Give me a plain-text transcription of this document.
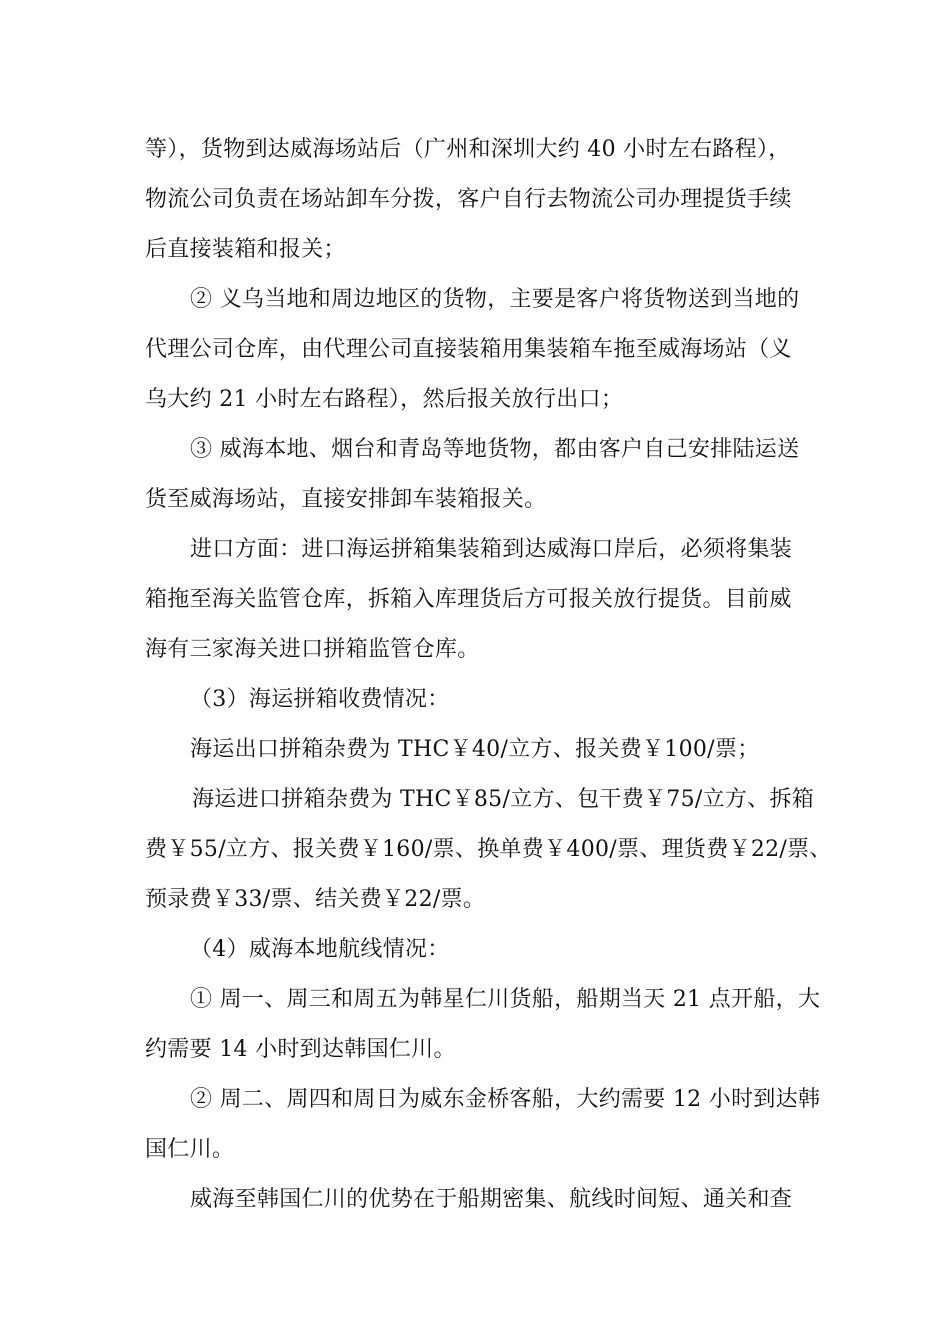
等），货物到达威海场站后（广州和深圳大约 40 小时左右路程），
物流公司负责在场站卸车分拨，客户自行去物流公司办理提货手续
后直接装箱和报关；
② 义乌当地和周边地区的货物，主要是客户将货物送到当地的
代理公司仓库，由代理公司直接装箱用集装箱车拖至威海场站（义
乌大约 21 小时左右路程），然后报关放行出口；
③ 威海本地、烟台和青岛等地货物，都由客户自己安排陆运送
货至威海场站，直接安排卸车装箱报关。
进口方面：进口海运拼箱集装箱到达威海口岸后，必须将集装
箱拖至海关监管仓库，拆箱入库理货后方可报关放行提货。目前威
海有三家海关进口拼箱监管仓库。
（3）海运拼箱收费情况：
海运出口拼箱杂费为 THC￥40/立方、报关费￥100/票；
海运进口拼箱杂费为 THC￥85/立方、包干费￥75/立方、拆箱
费￥55/立方、报关费￥160/票、换单费￥400/票、理货费￥22/票、
预录费￥33/票、结关费￥22/票。
（4）威海本地航线情况：
① 周一、周三和周五为韩星仁川货船，船期当天 21 点开船，大
约需要 14 小时到达韩国仁川。
② 周二、周四和周日为威东金桥客船，大约需要 12 小时到达韩
国仁川。
威海至韩国仁川的优势在于船期密集、航线时间短、通关和查
